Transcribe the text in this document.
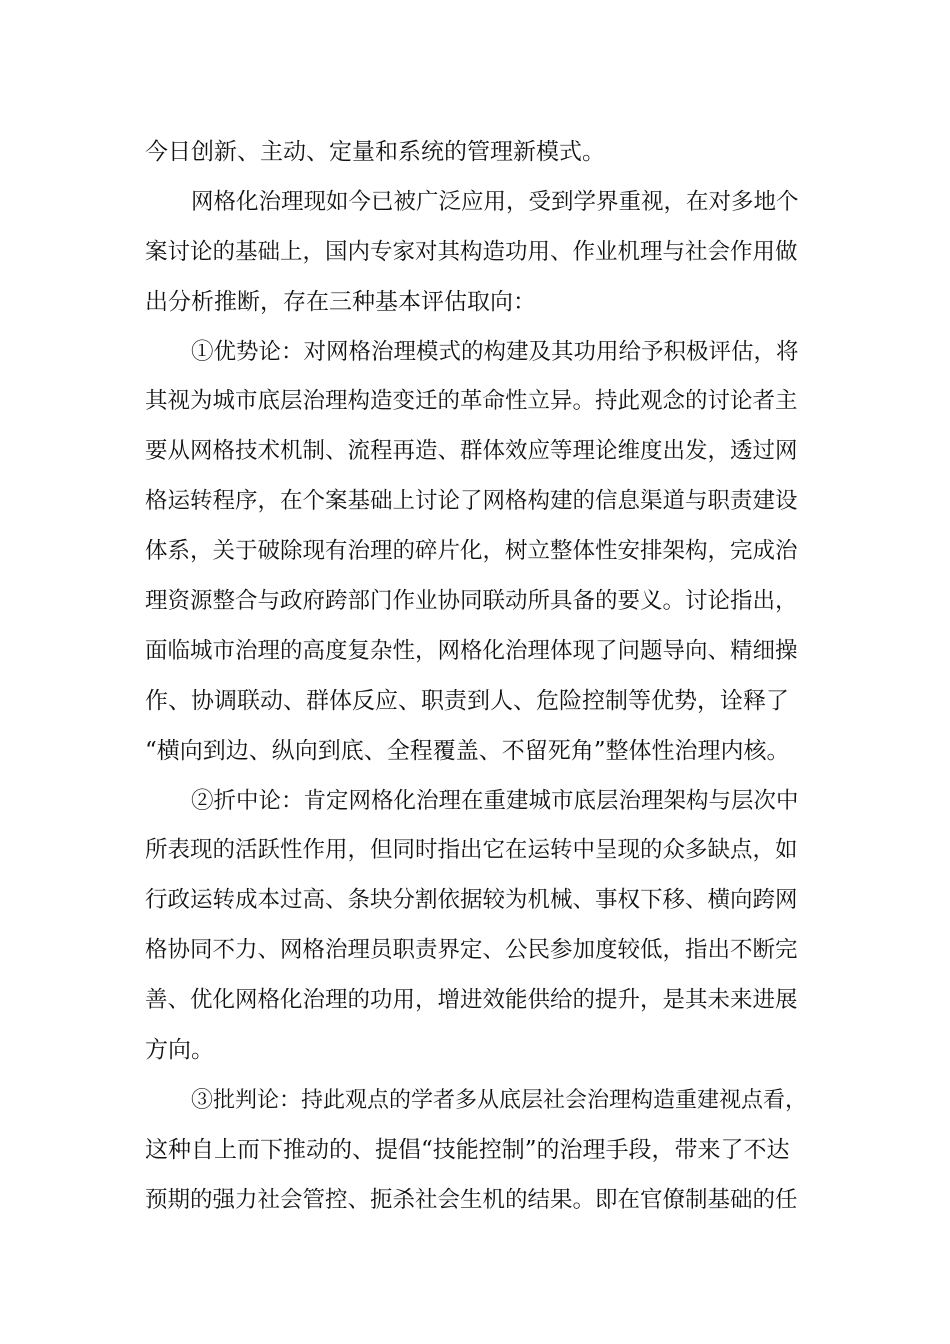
今日创新、主动、定量和系统的管理新模式。
网格化治理现如今已被广泛应用，受到学界重视，在对多地个
案讨论的基础上，国内专家对其构造功用、作业机理与社会作用做
出分析推断，存在三种基本评估取向：
①优势论：对网格治理模式的构建及其功用给予积极评估，将
其视为城市底层治理构造变迁的革命性立异。持此观念的讨论者主
要从网格技术机制、流程再造、群体效应等理论维度出发，透过网
格运转程序，在个案基础上讨论了网格构建的信息渠道与职责建设
体系，关于破除现有治理的碎片化，树立整体性安排架构，完成治
理资源整合与政府跨部门作业协同联动所具备的要义。讨论指出，
面临城市治理的高度复杂性，网格化治理体现了问题导向、精细操
作、协调联动、群体反应、职责到人、危险控制等优势，诠释了
“横向到边、纵向到底、全程覆盖、不留死角”整体性治理内核。
②折中论：肯定网格化治理在重建城市底层治理架构与层次中
所表现的活跃性作用，但同时指出它在运转中呈现的众多缺点，如
行政运转成本过高、条块分割依据较为机械、事权下移、横向跨网
格协同不力、网格治理员职责界定、公民参加度较低，指出不断完
善、优化网格化治理的功用，增进效能供给的提升，是其未来进展
方向。
③批判论：持此观点的学者多从底层社会治理构造重建视点看，
这种自上而下推动的、提倡“技能控制”的治理手段，带来了不达
预期的强力社会管控、扼杀社会生机的结果。即在官僚制基础的任
